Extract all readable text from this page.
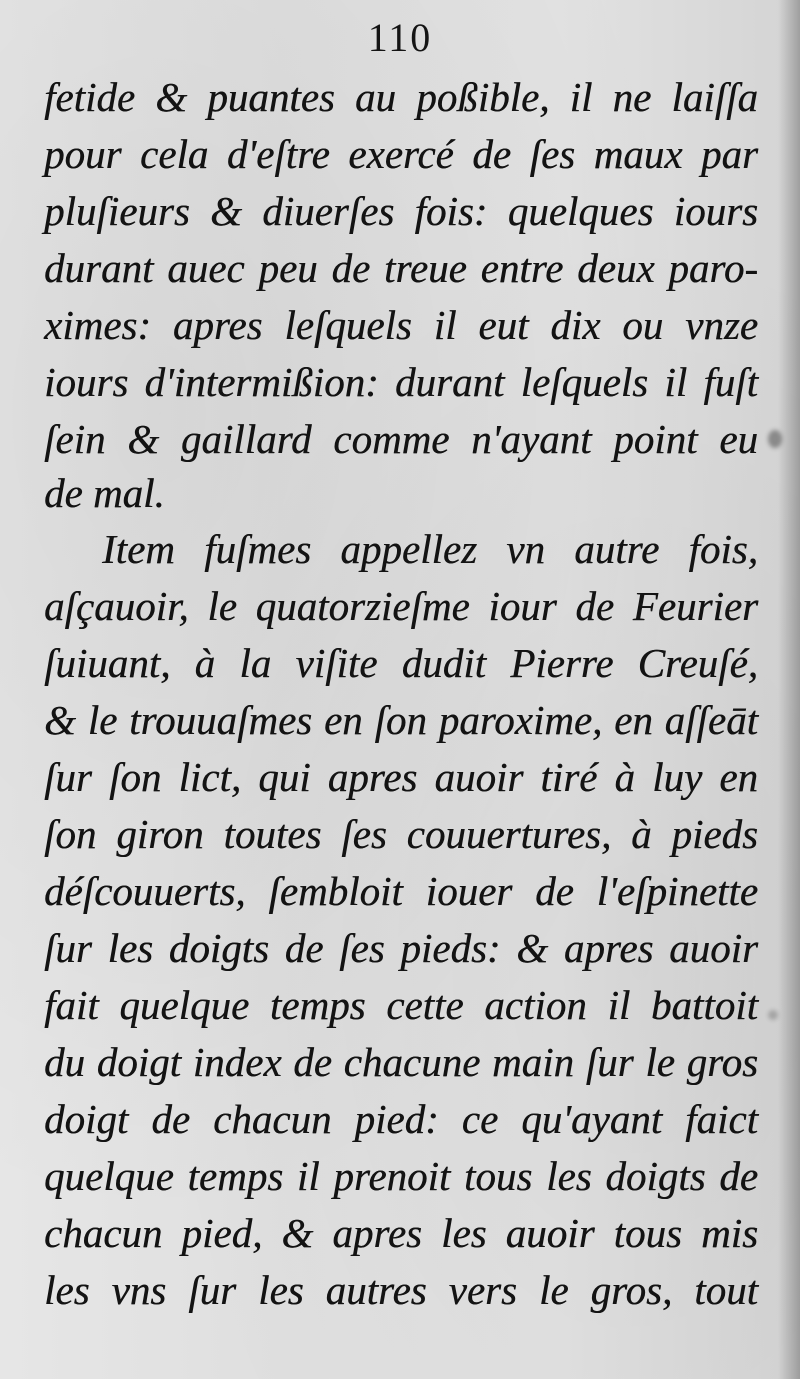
110
fetide & puantes au poßible, il ne laiſſa
pour cela d'eſtre exercé de ſes maux par
pluſieurs & diuerſes fois: quelques iours
durant auec peu de treue entre deux paro-
ximes: apres leſquels il eut dix ou vnze
iours d'intermißion: durant leſquels il fuſt
ſein & gaillard comme n'ayant point eu
de mal.
Item fuſmes appellez vn autre fois,
aſçauoir, le quatorzieſme iour de Feurier
ſuiuant, à la viſite dudit Pierre Creuſé,
& le trouuaſmes en ſon paroxime, en aſſeāt
ſur ſon lict, qui apres auoir tiré à luy en
ſon giron toutes ſes couuertures, à pieds
déſcouuerts, ſembloit iouer de l'eſpinette
ſur les doigts de ſes pieds: & apres auoir
fait quelque temps cette action il battoit
du doigt index de chacune main ſur le gros
doigt de chacun pied: ce qu'ayant faict
quelque temps il prenoit tous les doigts de
chacun pied, & apres les auoir tous mis
les vns ſur les autres vers le gros, tout
